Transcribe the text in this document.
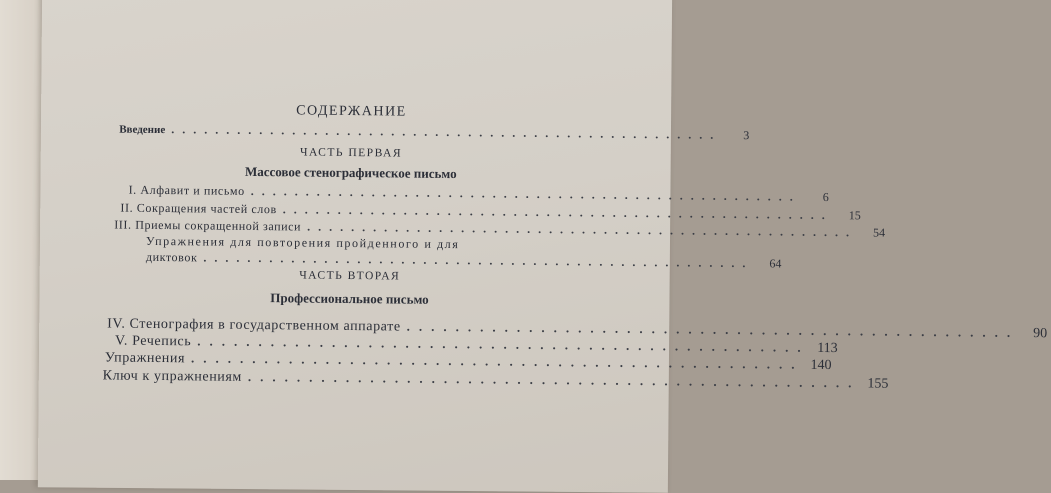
СОДЕРЖАНИЕ
Введение ..................................................	3
ЧАСТЬ ПЕРВАЯ
Массовое стенографическое письмо
I. Алфавит и письмо ..................................................	6
II. Сокращения частей слов ..................................................	15
III. Приемы сокращенной записи ..................................................	54
Упражнения для повторения пройденного и для
диктовок ..................................................	64
ЧАСТЬ ВТОРАЯ
Профессиональное письмо
IV. Стенография в государственном аппарате .................................................. 90
V. Речепись .................................................. 113
Упражнения .................................................. 140
Ключ к упражнениям .................................................. 155
